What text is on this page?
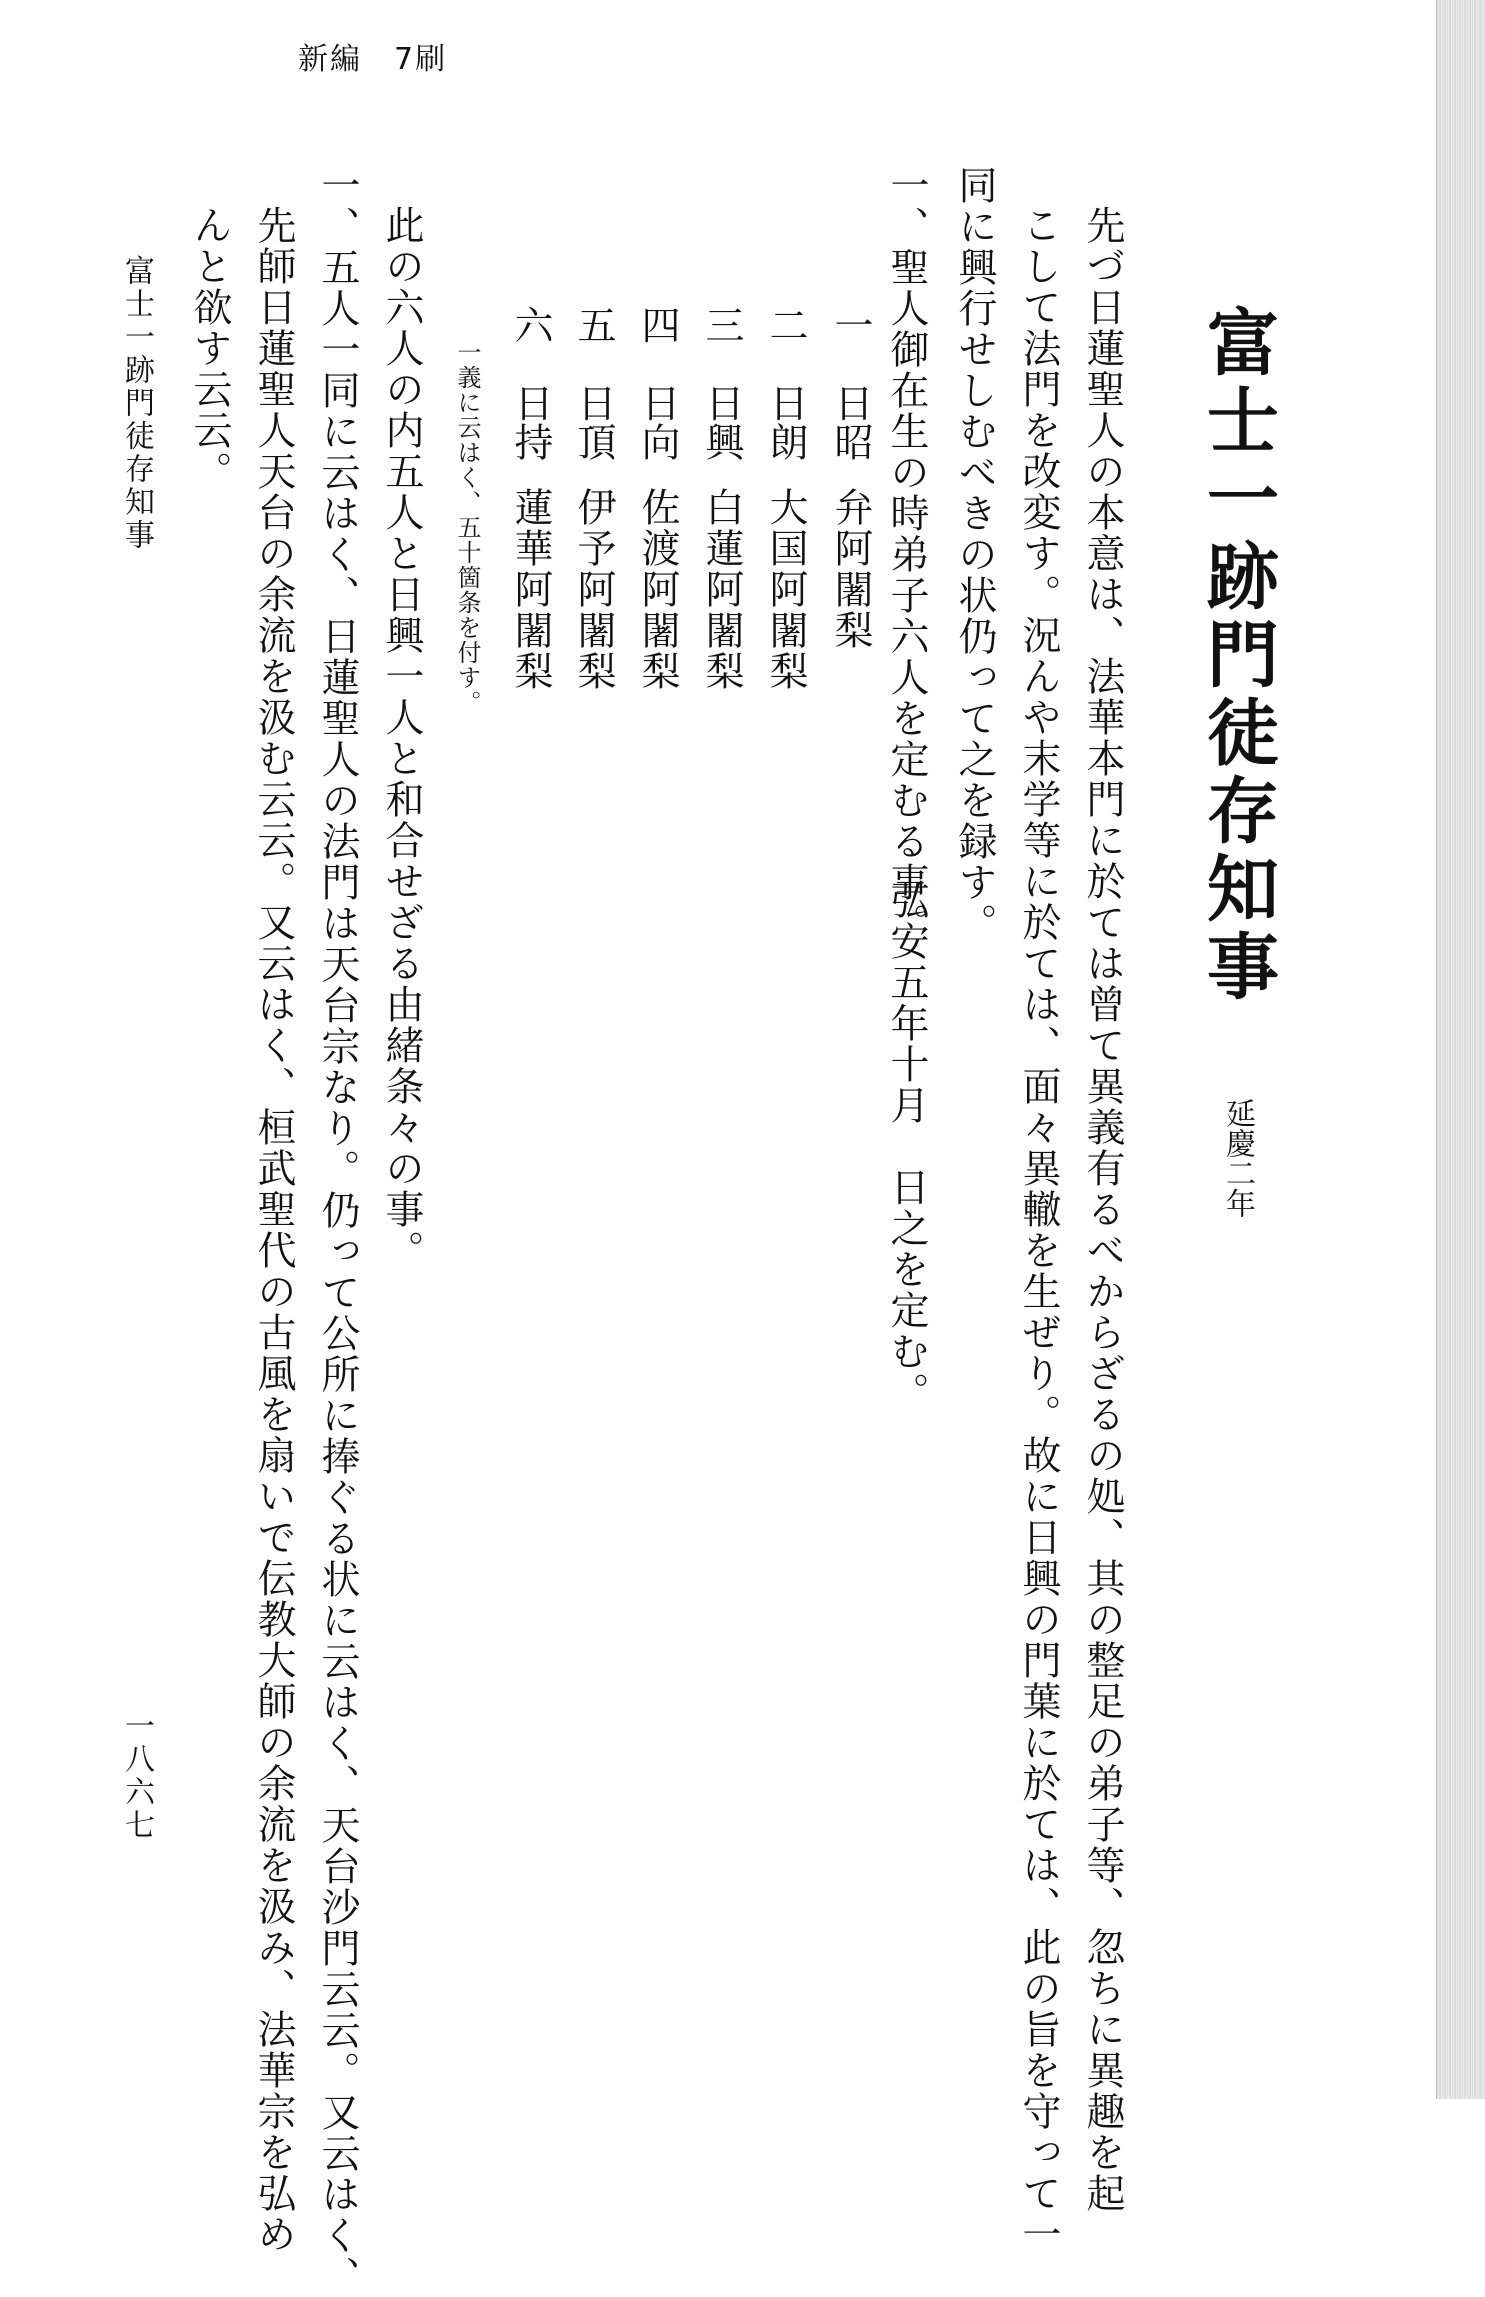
新編　7刷
富士一跡門徒存知事
延慶二年
先づ日蓮聖人の本意は、法華本門に於ては曾て異義有るべからざるの処、其の整足の弟子等、忽ちに異趣を起
こして法門を改変す。況んや末学等に於ては、面々異轍を生ぜり。故に日興の門葉に於ては、此の旨を守って一
同に興行せしむべきの状仍って之を録す。
一、聖人御在生の時弟子六人を定むる事。
弘安五年十月　日之を定む。
一
日昭
弁阿闍梨
二
日朗
大国阿闍梨
三
日興
白蓮阿闍梨
四
日向
佐渡阿闍梨
五
日頂
伊予阿闍梨
六
日持
蓮華阿闍梨
一義に云はく、五十箇条を付す。
此の六人の内五人と日興一人と和合せざる由緒条々の事。
一、五人一同に云はく、日蓮聖人の法門は天台宗なり。仍って公所に捧ぐる状に云はく、天台沙門云云。又云はく、
先師日蓮聖人天台の余流を汲む云云。又云はく、桓武聖代の古風を扇いで伝教大師の余流を汲み、法華宗を弘め
んと欲す云云。
富士一跡門徒存知事
一八六七
